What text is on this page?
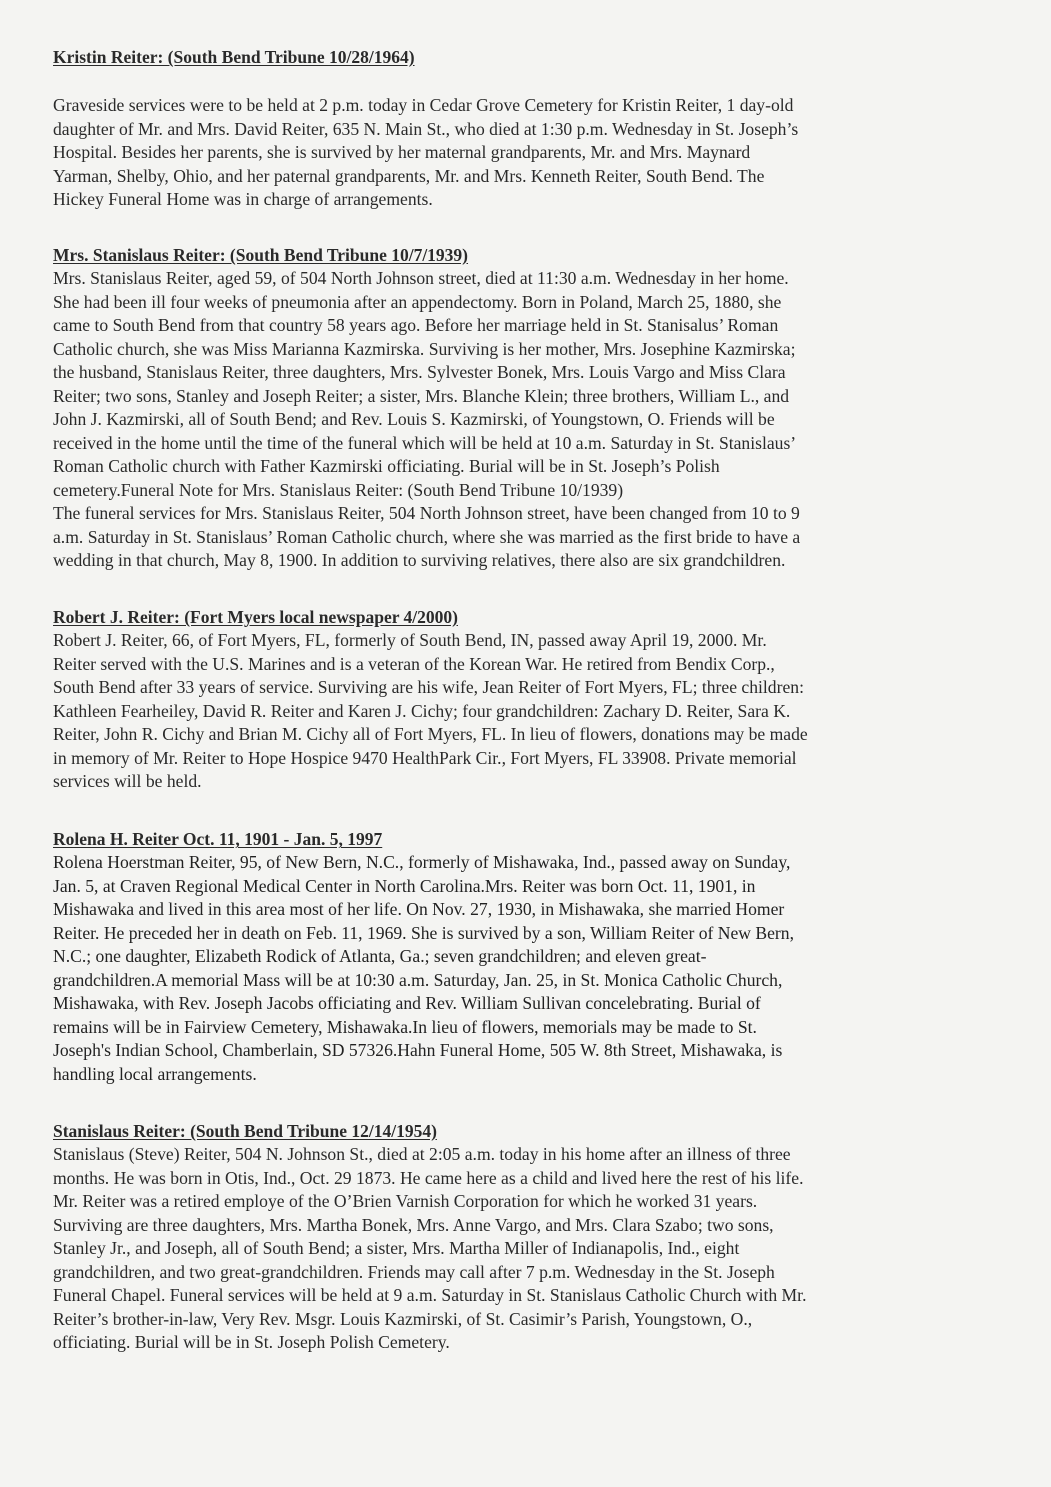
Kristin Reiter: (South Bend Tribune 10/28/1964)

Graveside services were to be held at 2 p.m. today in Cedar Grove Cemetery for Kristin Reiter, 1 day-old

daughter of Mr. and Mrs. David Reiter, 635 N. Main St., who died at 1:30 p.m. Wednesday in St. Joseph’s

Hospital. Besides her parents, she is survived by her maternal grandparents, Mr. and Mrs. Maynard

Yarman, Shelby, Ohio, and her paternal grandparents, Mr. and Mrs. Kenneth Reiter, South Bend. The

Hickey Funeral Home was in charge of arrangements.

Mrs. Stanislaus Reiter: (South Bend Tribune 10/7/1939)

Mrs. Stanislaus Reiter, aged 59, of 504 North Johnson street, died at 11:30 a.m. Wednesday in her home.

She had been ill four weeks of pneumonia after an appendectomy. Born in Poland, March 25, 1880, she

came to South Bend from that country 58 years ago. Before her marriage held in St. Stanisalus’ Roman

Catholic church, she was Miss Marianna Kazmirska. Surviving is her mother, Mrs. Josephine Kazmirska;

the husband, Stanislaus Reiter, three daughters, Mrs. Sylvester Bonek, Mrs. Louis Vargo and Miss Clara

Reiter; two sons, Stanley and Joseph Reiter; a sister, Mrs. Blanche Klein; three brothers, William L., and

John J. Kazmirski, all of South Bend; and Rev. Louis S. Kazmirski, of Youngstown, O. Friends will be

received in the home until the time of the funeral which will be held at 10 a.m. Saturday in St. Stanislaus’

Roman Catholic church with Father Kazmirski officiating. Burial will be in St. Joseph’s Polish

cemetery.Funeral Note for Mrs. Stanislaus Reiter: (South Bend Tribune 10/1939)

The funeral services for Mrs. Stanislaus Reiter, 504 North Johnson street, have been changed from 10 to 9

a.m. Saturday in St. Stanislaus’ Roman Catholic church, where she was married as the first bride to have a

wedding in that church, May 8, 1900. In addition to surviving relatives, there also are six grandchildren.

Robert J. Reiter: (Fort Myers local newspaper 4/2000)

Robert J. Reiter, 66, of Fort Myers, FL, formerly of South Bend, IN, passed away April 19, 2000. Mr.

Reiter served with the U.S. Marines and is a veteran of the Korean War. He retired from Bendix Corp.,

South Bend after 33 years of service. Surviving are his wife, Jean Reiter of Fort Myers, FL; three children:

Kathleen Fearheiley, David R. Reiter and Karen J. Cichy; four grandchildren: Zachary D. Reiter, Sara K.

Reiter, John R. Cichy and Brian M. Cichy all of Fort Myers, FL. In lieu of flowers, donations may be made

in memory of Mr. Reiter to Hope Hospice 9470 HealthPark Cir., Fort Myers, FL 33908. Private memorial

services will be held.

Rolena H. Reiter Oct. 11, 1901 - Jan. 5, 1997

Rolena Hoerstman Reiter, 95, of New Bern, N.C., formerly of Mishawaka, Ind., passed away on Sunday,

Jan. 5, at Craven Regional Medical Center in North Carolina.Mrs. Reiter was born Oct. 11, 1901, in

Mishawaka and lived in this area most of her life. On Nov. 27, 1930, in Mishawaka, she married Homer

Reiter. He preceded her in death on Feb. 11, 1969. She is survived by a son, William Reiter of New Bern,

N.C.; one daughter, Elizabeth Rodick of Atlanta, Ga.; seven grandchildren; and eleven great-

grandchildren.A memorial Mass will be at 10:30 a.m. Saturday, Jan. 25, in St. Monica Catholic Church,

Mishawaka, with Rev. Joseph Jacobs officiating and Rev. William Sullivan concelebrating. Burial of

remains will be in Fairview Cemetery, Mishawaka.In lieu of flowers, memorials may be made to St.

Joseph's Indian School, Chamberlain, SD 57326.Hahn Funeral Home, 505 W. 8th Street, Mishawaka, is

handling local arrangements.

Stanislaus Reiter: (South Bend Tribune 12/14/1954)

Stanislaus (Steve) Reiter, 504 N. Johnson St., died at 2:05 a.m. today in his home after an illness of three

months. He was born in Otis, Ind., Oct. 29 1873. He came here as a child and lived here the rest of his life.

Mr. Reiter was a retired employe of the O’Brien Varnish Corporation for which he worked 31 years.

Surviving are three daughters, Mrs. Martha Bonek, Mrs. Anne Vargo, and Mrs. Clara Szabo; two sons,

Stanley Jr., and Joseph, all of South Bend; a sister, Mrs. Martha Miller of Indianapolis, Ind., eight

grandchildren, and two great-grandchildren. Friends may call after 7 p.m. Wednesday in the St. Joseph

Funeral Chapel. Funeral services will be held at 9 a.m. Saturday in St. Stanislaus Catholic Church with Mr.

Reiter’s brother-in-law, Very Rev. Msgr. Louis Kazmirski, of St. Casimir’s Parish, Youngstown, O.,

officiating. Burial will be in St. Joseph Polish Cemetery.
